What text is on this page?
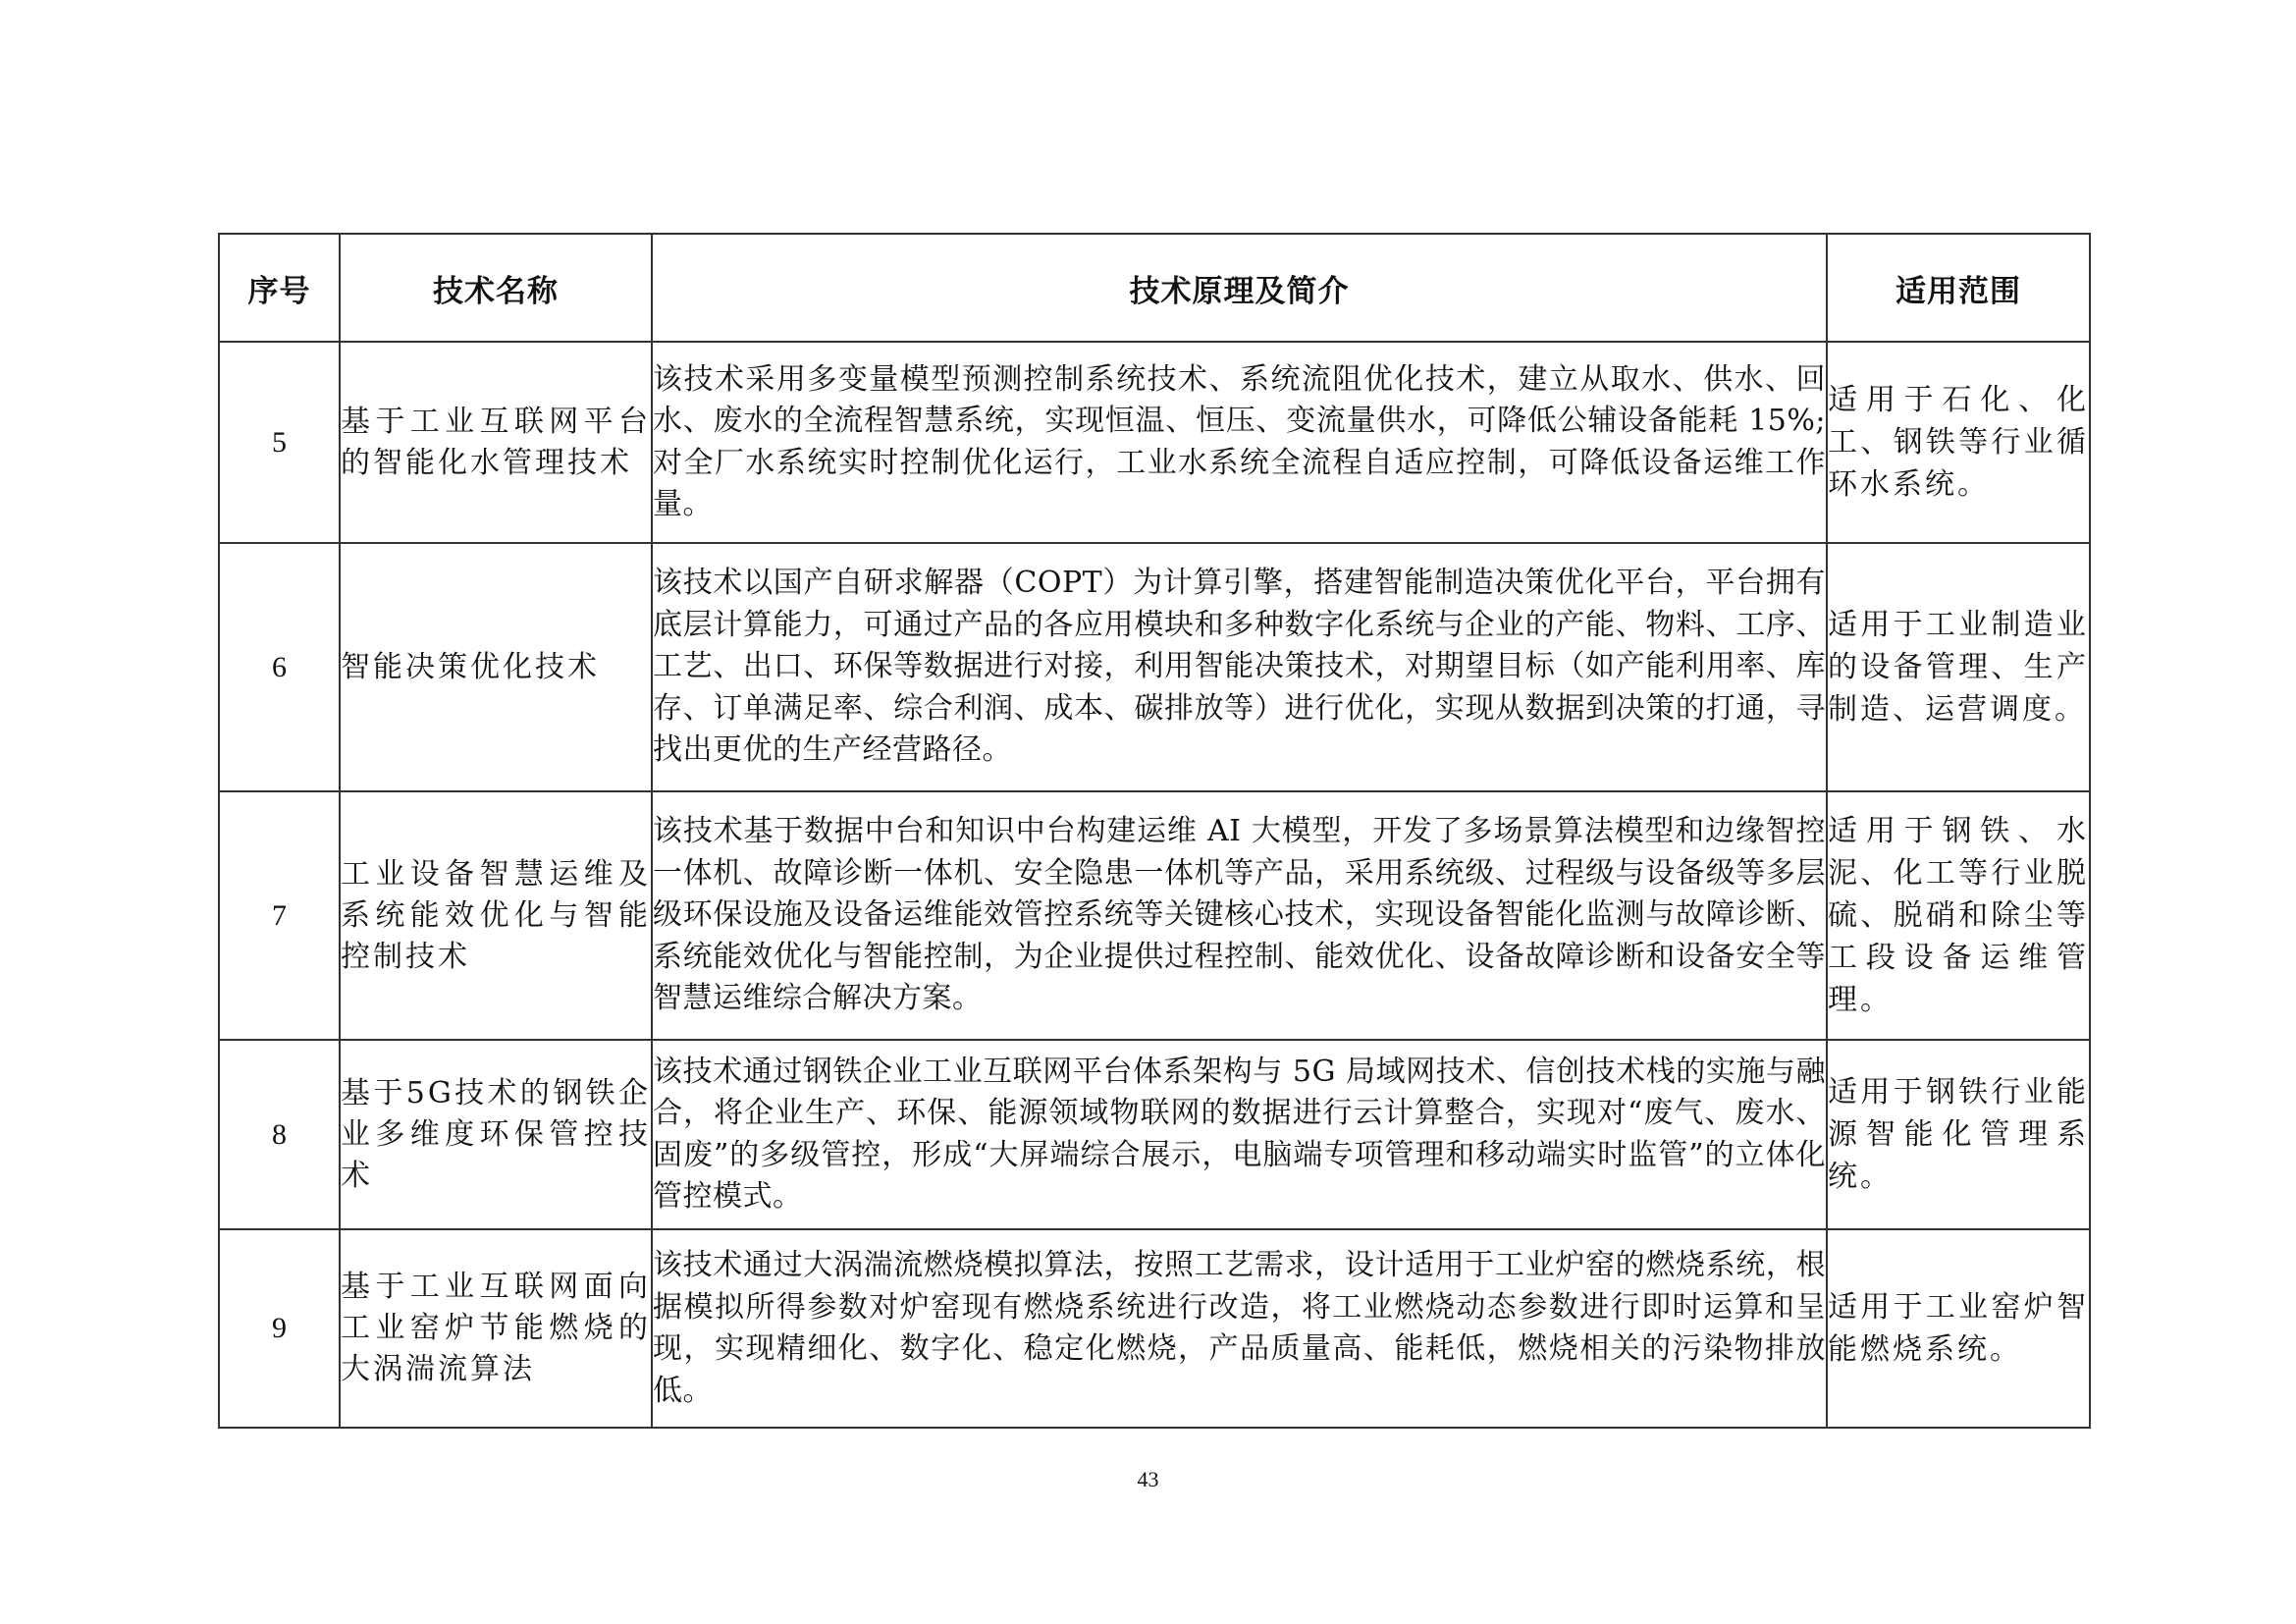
序号	技术名称	技术原理及简介	适用范围
5	基于工业互联网平台的智能化水管理技术	该技术采用多变量模型预测控制系统技术、系统流阻优化技术，建立从取水、供水、回水、废水的全流程智慧系统，实现恒温、恒压、变流量供水，可降低公辅设备能耗 15%; 对全厂水系统实时控制优化运行，工业水系统全流程自适应控制，可降低设备运维工作量。	适用于石化、化工、钢铁等行业循环水系统。
6	智能决策优化技术	该技术以国产自研求解器（COPT）为计算引擎，搭建智能制造决策优化平台，平台拥有底层计算能力，可通过产品的各应用模块和多种数字化系统与企业的产能、物料、工序、工艺、出口、环保等数据进行对接，利用智能决策技术，对期望目标（如产能利用率、库存、订单满足率、综合利润、成本、碳排放等）进行优化，实现从数据到决策的打通，寻找出更优的生产经营路径。	适用于工业制造业的设备管理、生产制造、运营调度。
7	工业设备智慧运维及系统能效优化与智能控制技术	该技术基于数据中台和知识中台构建运维 AI 大模型，开发了多场景算法模型和边缘智控一体机、故障诊断一体机、安全隐患一体机等产品，采用系统级、过程级与设备级等多层级环保设施及设备运维能效管控系统等关键核心技术，实现设备智能化监测与故障诊断、系统能效优化与智能控制，为企业提供过程控制、能效优化、设备故障诊断和设备安全等智慧运维综合解决方案。	适用于钢铁、水泥、化工等行业脱硫、脱硝和除尘等工段设备运维管理。
8	基于5G技术的钢铁企业多维度环保管控技术	该技术通过钢铁企业工业互联网平台体系架构与 5G 局域网技术、信创技术栈的实施与融合，将企业生产、环保、能源领域物联网的数据进行云计算整合，实现对“废气、废水、固废”的多级管控，形成“大屏端综合展示，电脑端专项管理和移动端实时监管”的立体化管控模式。	适用于钢铁行业能源智能化管理系统。
9	基于工业互联网面向工业窑炉节能燃烧的大涡湍流算法	该技术通过大涡湍流燃烧模拟算法，按照工艺需求，设计适用于工业炉窑的燃烧系统，根据模拟所得参数对炉窑现有燃烧系统进行改造，将工业燃烧动态参数进行即时运算和呈现，实现精细化、数字化、稳定化燃烧，产品质量高、能耗低，燃烧相关的污染物排放低。	适用于工业窑炉智能燃烧系统。
43
